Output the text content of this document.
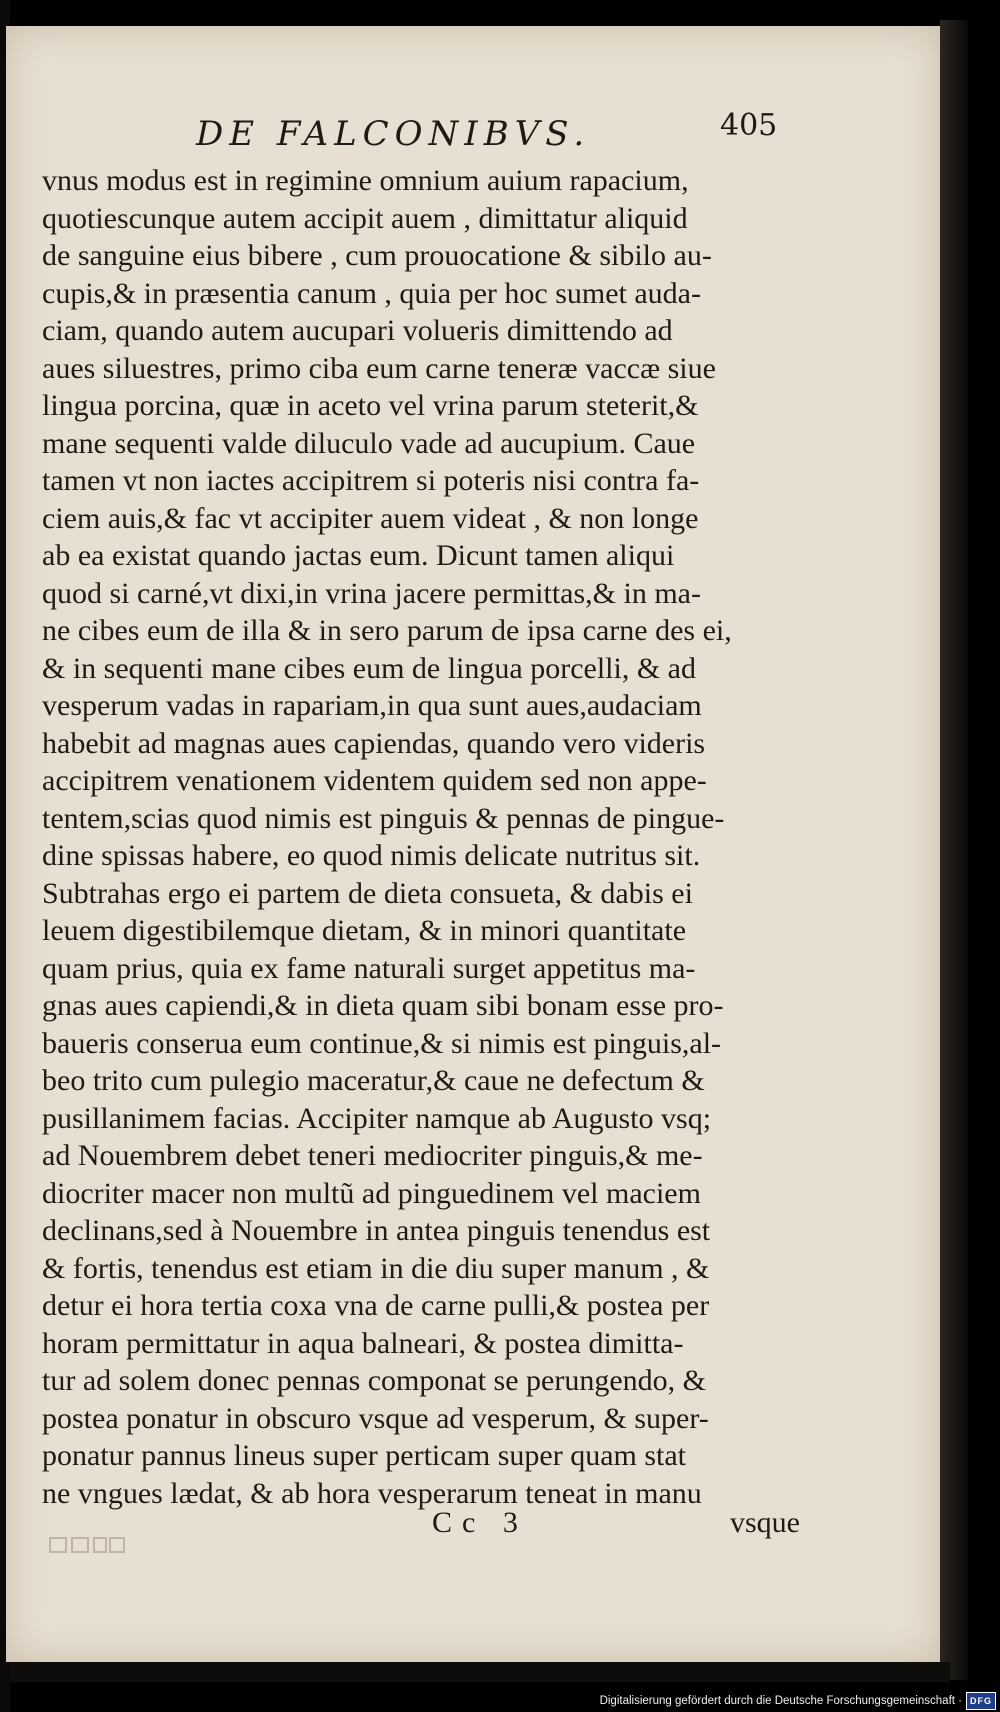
DE FALCONIBVS.	405
vnus modus est in regimine omnium auium rapacium,
quotiescunque autem accipit auem , dimittatur aliquid
de sanguine eius bibere , cum prouocatione & sibilo au-
cupis,& in præsentia canum , quia per hoc sumet auda-
ciam, quando autem aucupari volueris dimittendo ad
aues siluestres, primo ciba eum carne teneræ vaccæ siue
lingua porcina, quæ in aceto vel vrina parum steterit,&
mane sequenti valde diluculo vade ad aucupium. Caue
tamen vt non iactes accipitrem si poteris nisi contra fa-
ciem auis,& fac vt accipiter auem videat , & non longe
ab ea existat quando jactas eum. Dicunt tamen aliqui
quod si carné,vt dixi,in vrina jacere permittas,& in ma-
ne cibes eum de illa & in sero parum de ipsa carne des ei,
& in sequenti mane cibes eum de lingua porcelli, & ad
vesperum vadas in rapariam,in qua sunt aues,audaciam
habebit ad magnas aues capiendas, quando vero videris
accipitrem venationem videntem quidem sed non appe-
tentem,scias quod nimis est pinguis & pennas de pingue-
dine spissas habere, eo quod nimis delicate nutritus sit.
Subtrahas ergo ei partem de dieta consueta, & dabis ei
leuem digestibilemque dietam, & in minori quantitate
quam prius, quia ex fame naturali surget appetitus ma-
gnas aues capiendi,& in dieta quam sibi bonam esse pro-
baueris conserua eum continue,& si nimis est pinguis,al-
beo trito cum pulegio maceratur,& caue ne defectum &
pusillanimem facias. Accipiter namque ab Augusto vsq;
ad Nouembrem debet teneri mediocriter pinguis,& me-
diocriter macer non multũ ad pinguedinem vel maciem
declinans,sed à Nouembre in antea pinguis tenendus est
& fortis, tenendus est etiam in die diu super manum , &
detur ei hora tertia coxa vna de carne pulli,& postea per
horam permittatur in aqua balneari, & postea dimitta-
tur ad solem donec pennas componat se perungendo, &
postea ponatur in obscuro vsque ad vesperum, & super-
ponatur pannus lineus super perticam super quam stat
ne vngues lædat, & ab hora vesperarum teneat in manu
Cc 3	vsque
Digitalisierung gefördert durch die Deutsche Forschungsgemeinschaft · DFG
